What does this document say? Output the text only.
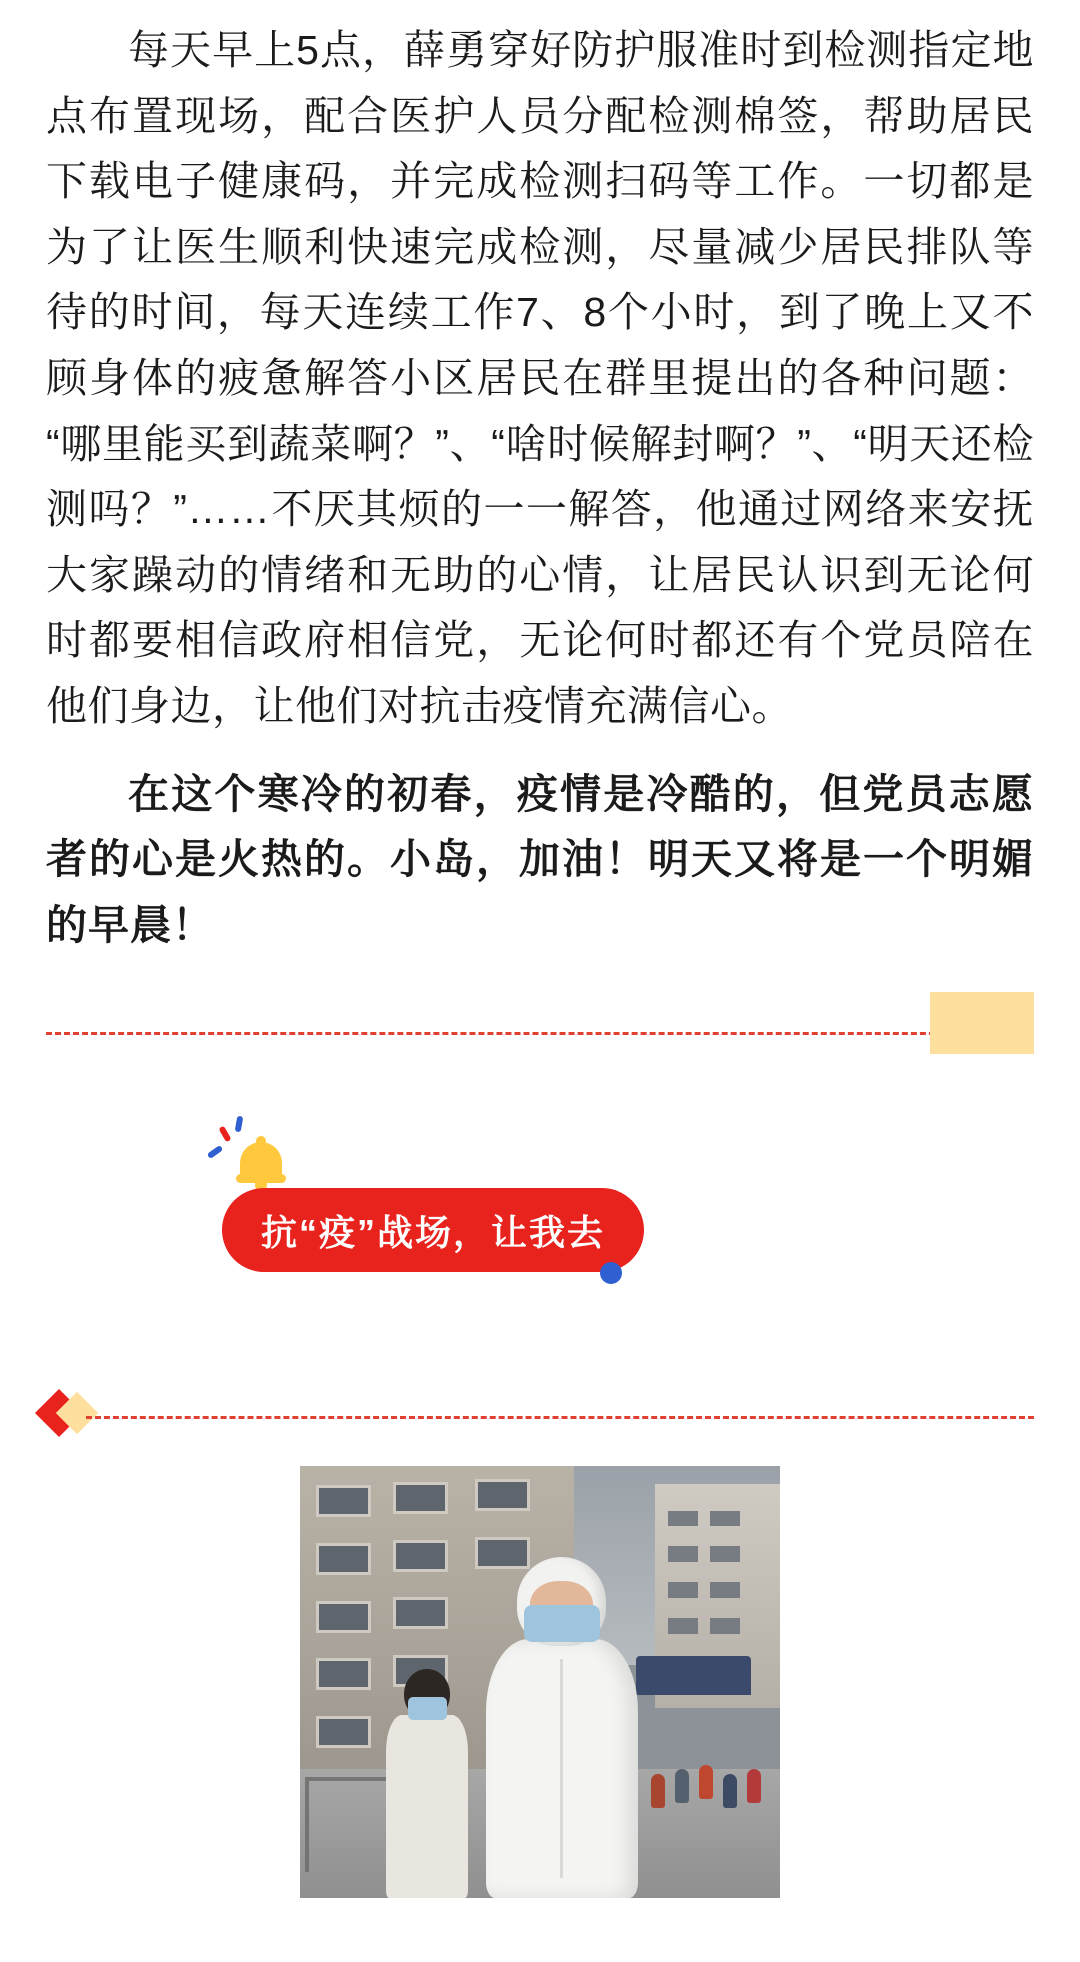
每天早上5点，薛勇穿好防护服准时到检测指定地点布置现场，配合医护人员分配检测棉签，帮助居民下载电子健康码，并完成检测扫码等工作。一切都是为了让医生顺利快速完成检测，尽量减少居民排队等待的时间，每天连续工作7、8个小时，到了晚上又不顾身体的疲惫解答小区居民在群里提出的各种问题：“哪里能买到蔬菜啊？”、“啥时候解封啊？”、“明天还检测吗？”……不厌其烦的一一解答，他通过网络来安抚大家躁动的情绪和无助的心情，让居民认识到无论何时都要相信政府相信党，无论何时都还有个党员陪在他们身边，让他们对抗击疫情充满信心。

在这个寒冷的初春，疫情是冷酷的，但党员志愿者的心是火热的。小岛，加油！明天又将是一个明媚的早晨！

抗“疫”战场，让我去
